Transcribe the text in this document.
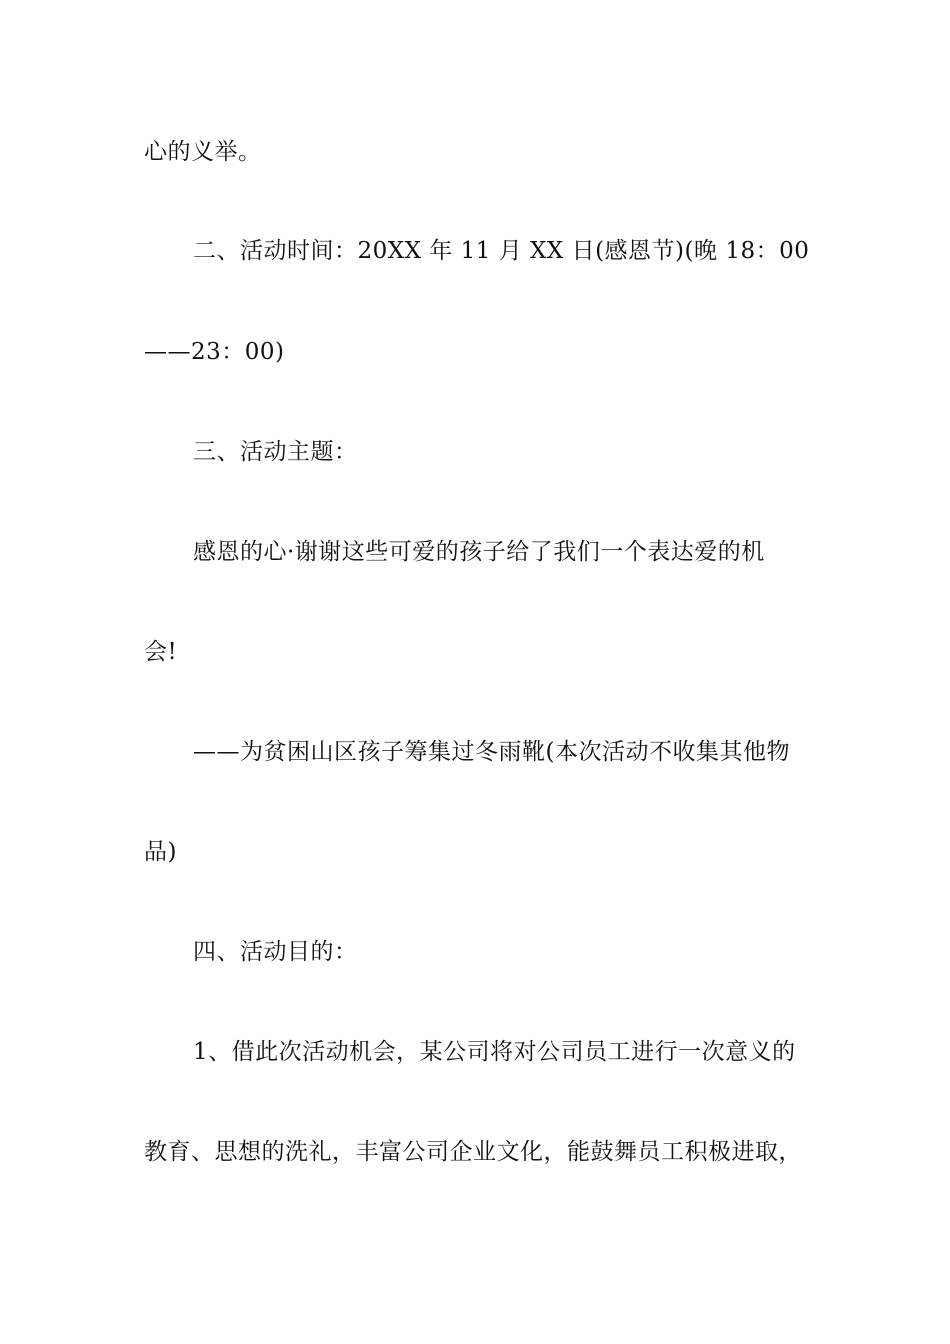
心的义举。
二、活动时间：20XX 年 11 月 XX 日(感恩节)(晚 18：00
——23：00)
三、活动主题：
感恩的心·谢谢这些可爱的孩子给了我们一个表达爱的机
会!
——为贫困山区孩子筹集过冬雨靴(本次活动不收集其他物
品)
四、活动目的：
1、借此次活动机会，某公司将对公司员工进行一次意义的
教育、思想的洗礼，丰富公司企业文化，能鼓舞员工积极进取，
